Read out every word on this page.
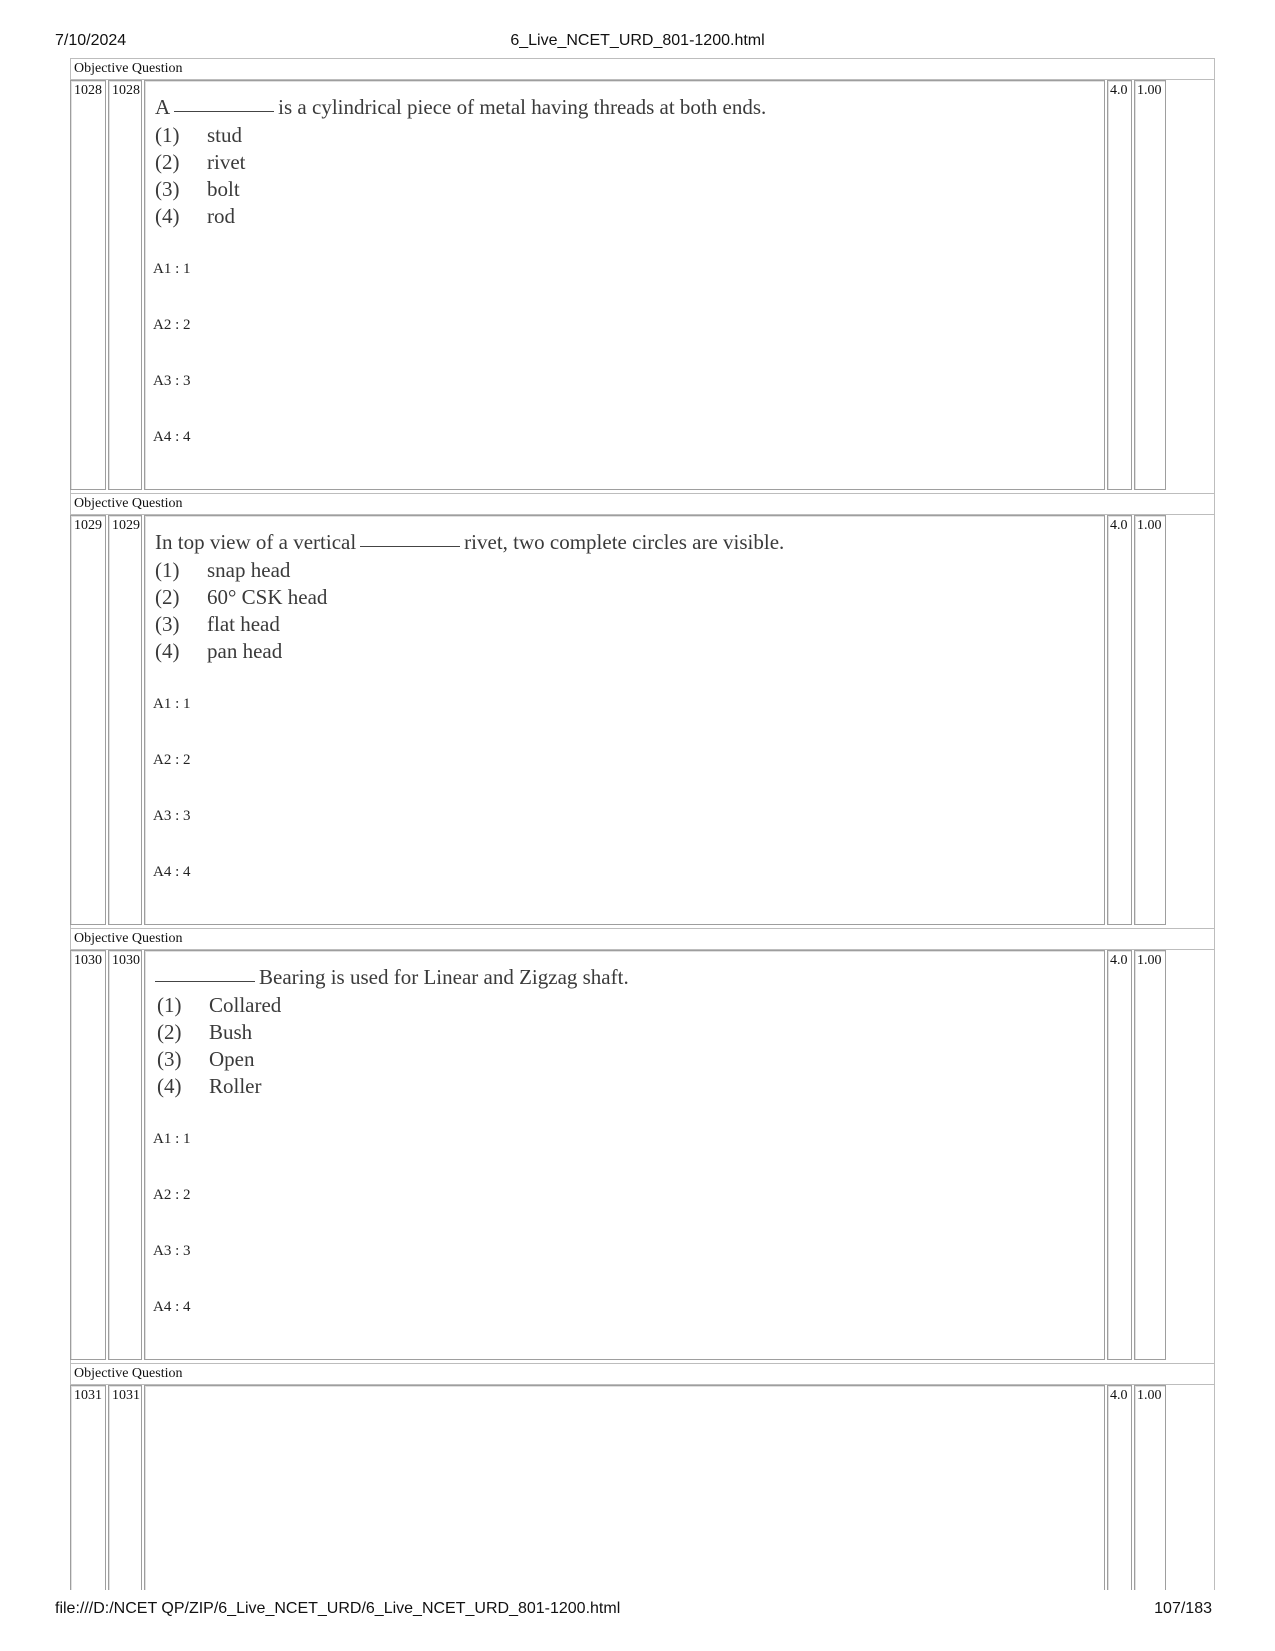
7/10/2024	6_Live_NCET_URD_801-1200.html
Objective Question
1028 1028
A	is a cylindrical piece of metal having threads at both ends.
(1) stud
(2) rivet
(3) bolt
(4) rod
A1 : 1
A2 : 2
A3 : 3
A4 : 4
4.0 1.00
Objective Question
1029 1029
In top view of a vertical	rivet, two complete circles are visible.
(1) snap head
(2) 60° CSK head
(3) flat head
(4) pan head
A1 : 1
A2 : 2
A3 : 3
A4 : 4
4.0 1.00
Objective Question
1030 1030
Bearing is used for Linear and Zigzag shaft.
(1) Collared
(2) Bush
(3) Open
(4) Roller
A1 : 1
A2 : 2
A3 : 3
A4 : 4
4.0 1.00
Objective Question
1031 1031	4.0 1.00
file:///D:/NCET QP/ZIP/6_Live_NCET_URD/6_Live_NCET_URD_801-1200.html	107/183
